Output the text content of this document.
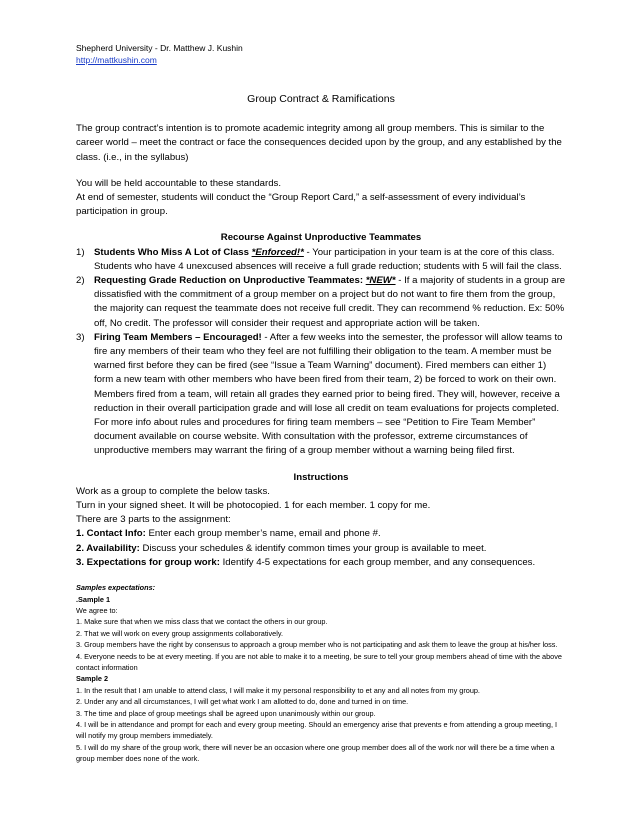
Shepherd University - Dr. Matthew J. Kushin
http://mattkushin.com
Group Contract & Ramifications

The group contract’s intention is to promote academic integrity among all group members. This is similar to the career world – meet the contract or face the consequences decided upon by the group, and any established by the class. (i.e., in the syllabus)

You will be held accountable to these standards.

At end of semester, students will conduct the “Group Report Card,” a self-assessment of every individual’s participation in group.

Recourse Against Unproductive Teammates
1) Students Who Miss A Lot of Class *Enforced!* - Your participation in your team is at the core of this class. Students who have 4 unexcused absences will receive a full grade reduction; students with 5 will fail the class.
2) Requesting Grade Reduction on Unproductive Teammates: *NEW* - If a majority of students in a group are dissatisfied with the commitment of a group member on a project but do not want to fire them from the group, the majority can request the teammate does not receive full credit. They can recommend % reduction. Ex: 50% off, No credit. The professor will consider their request and appropriate action will be taken.
3) Firing Team Members – Encouraged! - After a few weeks into the semester, the professor will allow teams to fire any members of their team who they feel are not fulfilling their obligation to the team. A member must be warned first before they can be fired (see “Issue a Team Warning” document). Fired members can either 1) form a new team with other members who have been fired from their team, 2) be forced to work on their own. Members fired from a team, will retain all grades they earned prior to being fired. They will, however, receive a reduction in their overall participation grade and will lose all credit on team evaluations for projects completed. For more info about rules and procedures for firing team members – see “Petition to Fire Team Member” document available on course website. With consultation with the professor, extreme circumstances of unproductive members may warrant the firing of a group member without a warning being filed first.
Instructions

Work as a group to complete the below tasks.

Turn in your signed sheet. It will be photocopied. 1 for each member. 1 copy for me.

There are 3 parts to the assignment:

1. Contact Info: Enter each group member’s name, email and phone #.

2. Availability: Discuss your schedules & identify common times your group is available to meet.

3. Expectations for group work: Identify 4-5 expectations for each group member, and any consequences.

Samples expectations:
.Sample 1
We agree to:
1. Make sure that when we miss class that we contact the others in our group.
2. That we will work on every group assignments collaboratively.
3. Group members have the right by consensus to approach a group member who is not participating and ask them to leave the group at his/her loss.
4. Everyone needs to be at every meeting. If you are not able to make it to a meeting, be sure to tell your group members ahead of time with the above contact information
Sample 2
1. In the result that I am unable to attend class, I will make it my personal responsibility to et any and all notes from my group.
2. Under any and all circumstances, I will get what work I am allotted to do, done and turned in on time.
3. The time and place of group meetings shall be agreed upon unanimously within our group.
4. I will be in attendance and prompt for each and every group meeting. Should an emergency arise that prevents e from attending a group meeting, I will notify my group members immediately.
5. I will do my share of the group work, there will never be an occasion where one group member does all of the work nor will there be a time when a group member does none of the work.
